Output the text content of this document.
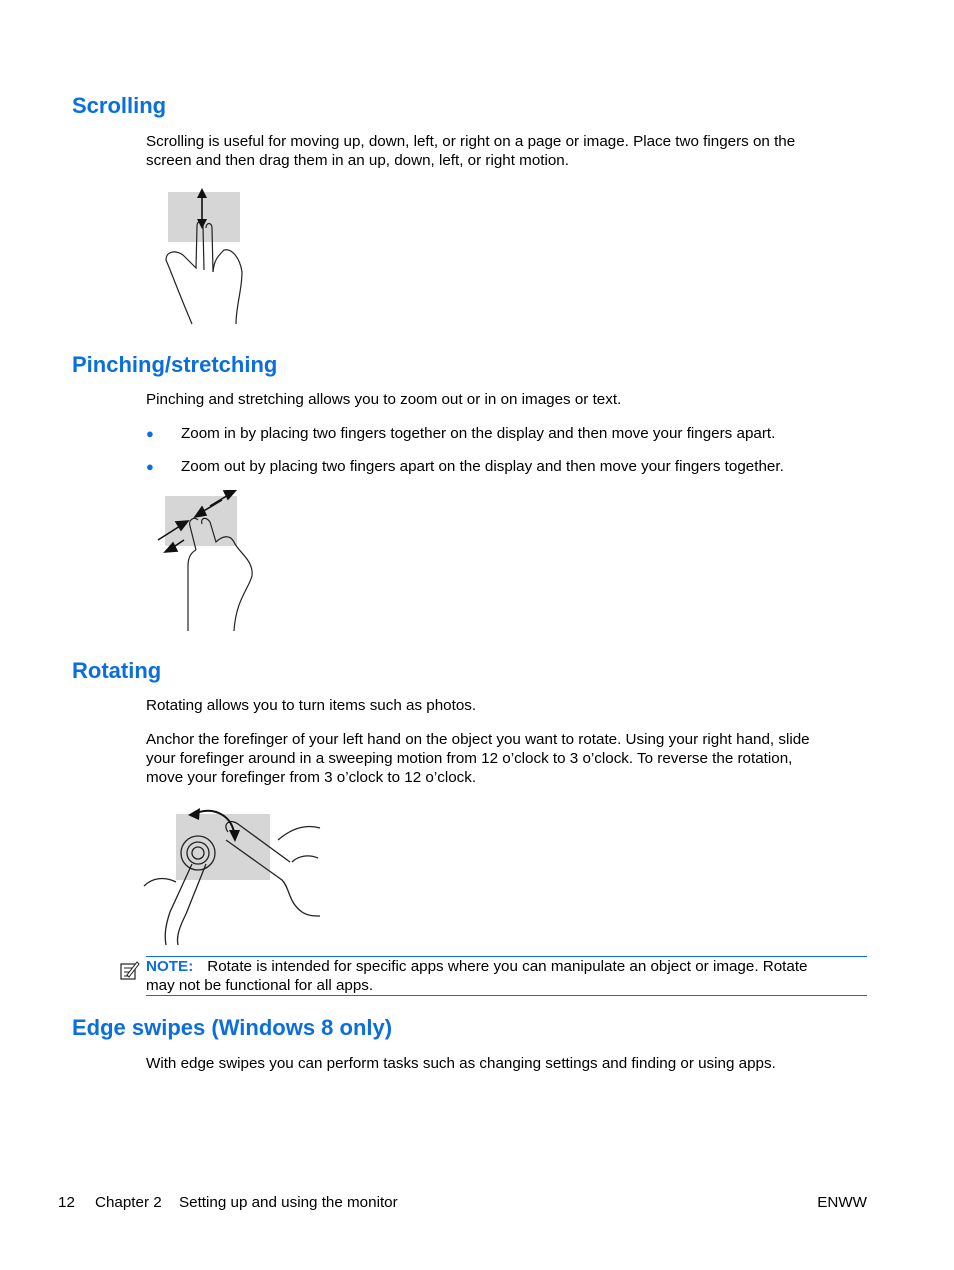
Scrolling
Scrolling is useful for moving up, down, left, or right on a page or image. Place two fingers on the
screen and then drag them in an up, down, left, or right motion.
Pinching/stretching

Pinching and stretching allows you to zoom out or in on images or text.

● Zoom in by placing two fingers together on the display and then move your fingers apart.
● Zoom out by placing two fingers apart on the display and then move your fingers together.
Rotating

Rotating allows you to turn items such as photos.

Anchor the forefinger of your left hand on the object you want to rotate. Using your right hand, slide
your forefinger around in a sweeping motion from 12 o’clock to 3 o’clock. To reverse the rotation,
move your forefinger from 3 o’clock to 12 o’clock.
NOTE: Rotate is intended for specific apps where you can manipulate an object or image. Rotate
may not be functional for all apps.
Edge swipes (Windows 8 only)

With edge swipes you can perform tasks such as changing settings and finding or using apps.

12 Chapter 2 Setting up and using the monitor	ENWW
